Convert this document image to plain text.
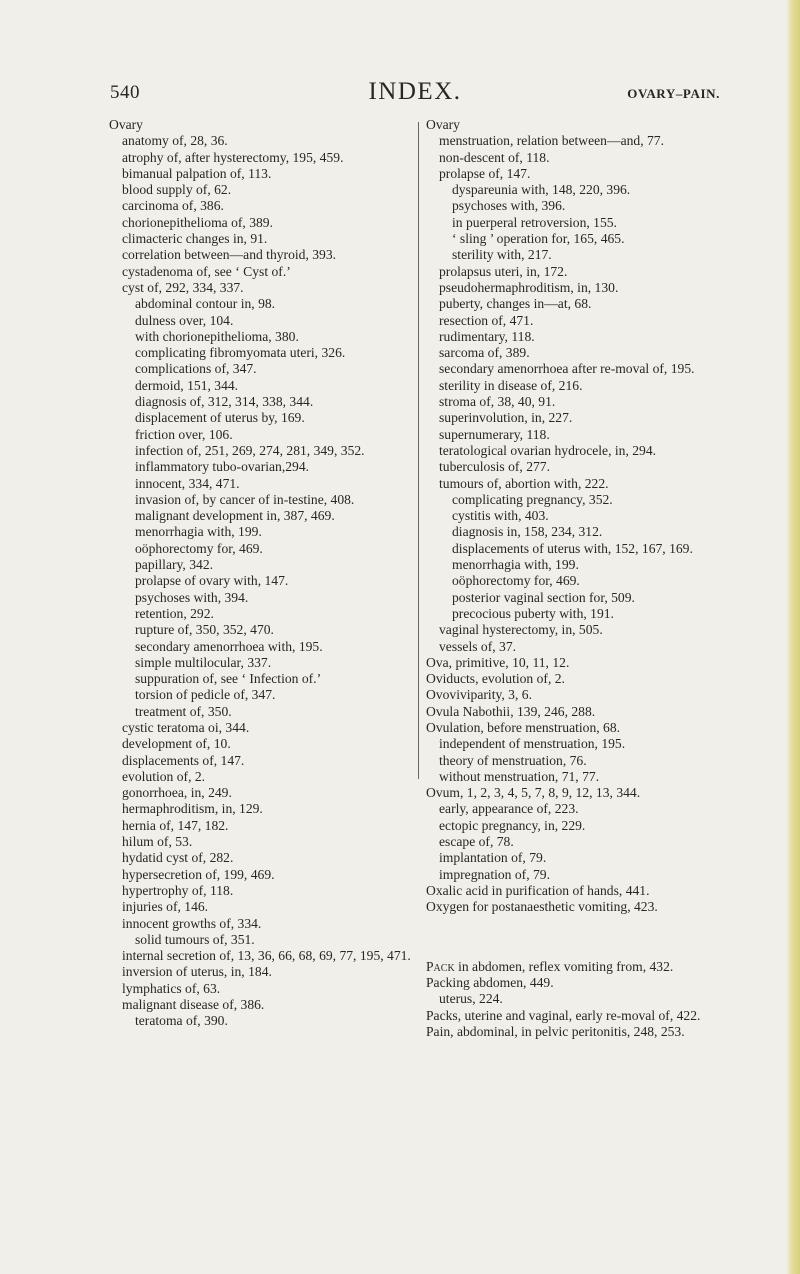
540	INDEX.	OVARY–PAIN.

Ovary

anatomy of, 28, 36.

atrophy of, after hysterectomy, 195, 459.

bimanual palpation of, 113.

blood supply of, 62.

carcinoma of, 386.

chorionepithelioma of, 389.

climacteric changes in, 91.

correlation between—and thyroid, 393.

cystadenoma of, see ‘ Cyst of.’

cyst of, 292, 334, 337.

abdominal contour in, 98.

dulness over, 104.

with chorionepithelioma, 380.

complicating fibromyomata uteri, 326.

complications of, 347.

dermoid, 151, 344.

diagnosis of, 312, 314, 338, 344.

displacement of uterus by, 169.

friction over, 106.

infection of, 251, 269, 274, 281, 349, 352.

inflammatory tubo-ovarian,294.

innocent, 334, 471.

invasion of, by cancer of in-testine, 408.

malignant development in, 387, 469.

menorrhagia with, 199.

oöphorectomy for, 469.

papillary, 342.

prolapse of ovary with, 147.

psychoses with, 394.

retention, 292.

rupture of, 350, 352, 470.

secondary amenorrhoea with, 195.

simple multilocular, 337.

suppuration of, see ‘ Infection of.’

torsion of pedicle of, 347.

treatment of, 350.

cystic teratoma oi, 344.

development of, 10.

displacements of, 147.

evolution of, 2.

gonorrhoea, in, 249.

hermaphroditism, in, 129.

hernia of, 147, 182.

hilum of, 53.

hydatid cyst of, 282.

hypersecretion of, 199, 469.

hypertrophy of, 118.

injuries of, 146.

innocent growths of, 334.

solid tumours of, 351.

internal secretion of, 13, 36, 66, 68, 69, 77, 195, 471.

inversion of uterus, in, 184.

lymphatics of, 63.

malignant disease of, 386.

teratoma of, 390.

Ovary

menstruation, relation between—and, 77.

non-descent of, 118.

prolapse of, 147.

dyspareunia with, 148, 220, 396.

psychoses with, 396.

in puerperal retroversion, 155.

‘ sling ’ operation for, 165, 465.

sterility with, 217.

prolapsus uteri, in, 172.

pseudohermaphroditism, in, 130.

puberty, changes in—at, 68.

resection of, 471.

rudimentary, 118.

sarcoma of, 389.

secondary amenorrhoea after re-moval of, 195.

sterility in disease of, 216.

stroma of, 38, 40, 91.

superinvolution, in, 227.

supernumerary, 118.

teratological ovarian hydrocele, in, 294.

tuberculosis of, 277.

tumours of, abortion with, 222.

complicating pregnancy, 352.

cystitis with, 403.

diagnosis in, 158, 234, 312.

displacements of uterus with, 152, 167, 169.

menorrhagia with, 199.

oöphorectomy for, 469.

posterior vaginal section for, 509.

precocious puberty with, 191.

vaginal hysterectomy, in, 505.

vessels of, 37.

Ova, primitive, 10, 11, 12.

Oviducts, evolution of, 2.

Ovoviviparity, 3, 6.

Ovula Nabothii, 139, 246, 288.

Ovulation, before menstruation, 68.

independent of menstruation, 195.

theory of menstruation, 76.

without menstruation, 71, 77.

Ovum, 1, 2, 3, 4, 5, 7, 8, 9, 12, 13, 344.

early, appearance of, 223.

ectopic pregnancy, in, 229.

escape of, 78.

implantation of, 79.

impregnation of, 79.

Oxalic acid in purification of hands, 441.

Oxygen for postanaesthetic vomiting, 423.

Pack in abdomen, reflex vomiting from, 432.

Packing abdomen, 449.

uterus, 224.

Packs, uterine and vaginal, early re-moval of, 422.

Pain, abdominal, in pelvic peritonitis, 248, 253.
